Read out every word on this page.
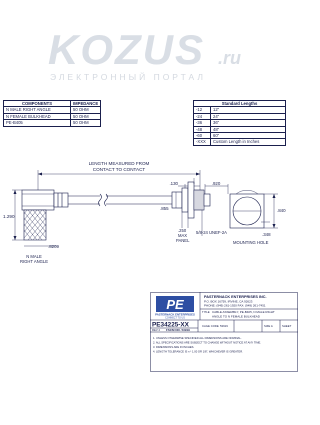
KOZUS .ru
ЭЛЕКТРОННЫЙ ПОРТАЛ
COMPONENTS	IMPEDANCE
N MALE RIGHT ANGLE	50 OHM
N FEMALE BULKHEAD	50 OHM
PE-B405	50 OHM
Standard Lengths	
-12	12"
-24	24"
-36	36"
-48	48"
-60	60"
-XXX	Custom Length in Inches
LENGTH MEASURED FROM
CONTACT TO CONTACT
.130	.920
1.290
.8209
.250
MAX
PANEL
5/8-24 UNEF-2A
.855	.840
.348
MOUNTING HOLE
N MALE
RIGHT ANGLE
PE
PASTERNACK ENTERPRISES
CONNECT TO US
PASTERNACK ENTERPRISES INC.
P.O. BOX 16759, IRVINE, CA 92623
PHONE: (949) 261-1920 FAX: (949) 261-7451
TITLE CABLE ASSEMBLY, PE-B405, N MALE RIGHT
ANGLE TO N FEMALE BULKHEAD
PE34225-XX
REV 2 FSCM NO. 53919
CAGE CODE 53919	SIZE A	SHEET
1. UNLESS OTHERWISE SPECIFIED ALL DIMENSIONS ARE NOMINAL.
2. ALL SPECIFICATIONS ARE SUBJECT TO CHANGE WITHOUT NOTICE AT ANY TIME.
3. DIMENSIONS ARE IN INCHES.
4. LENGTH TOLERANCE IS +/- 1.00 OR 1/8", WHICHEVER IS GREATER.
